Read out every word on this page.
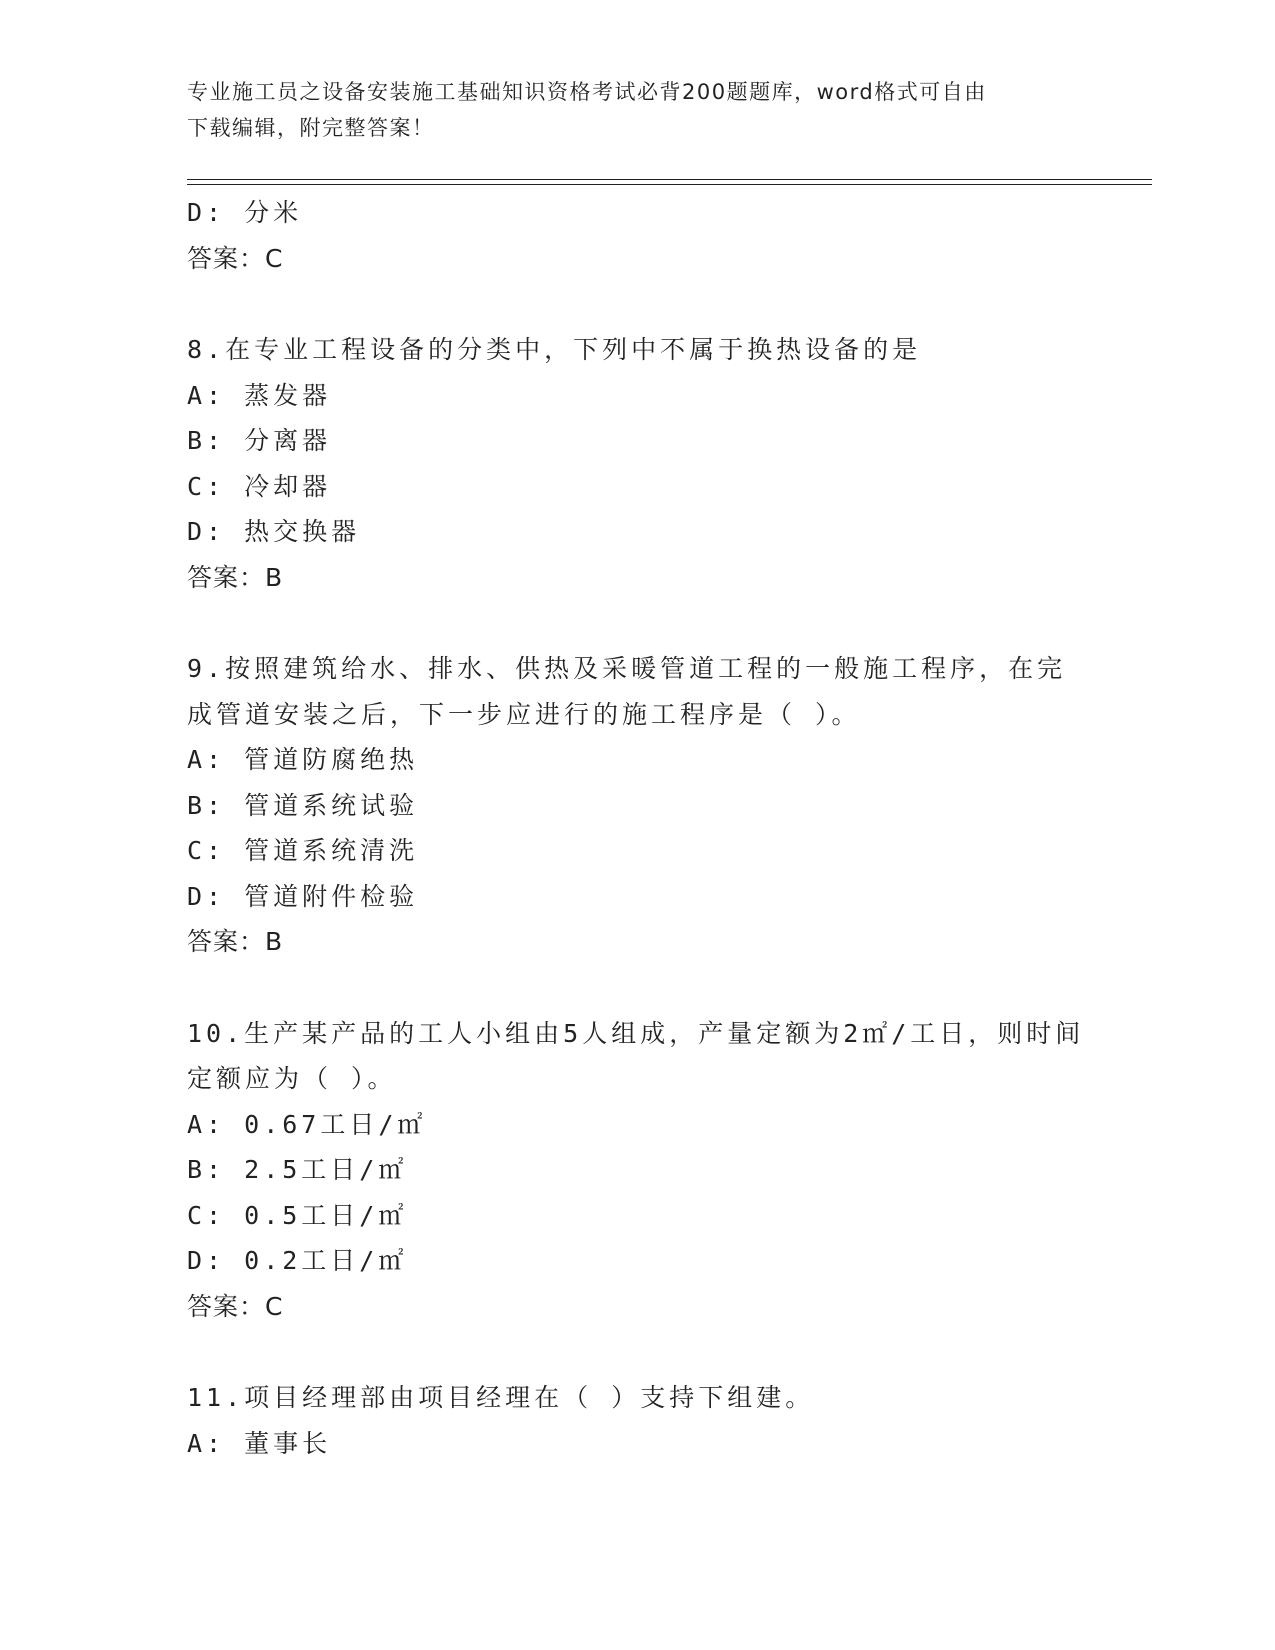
专业施工员之设备安装施工基础知识资格考试必背200题题库，word格式可自由
下载编辑，附完整答案！
D: 分米
答案：C
8.在专业工程设备的分类中，下列中不属于换热设备的是
A: 蒸发器
B: 分离器
C: 冷却器
D: 热交换器
答案：B
9.按照建筑给水、排水、供热及采暖管道工程的一般施工程序，在完
成管道安装之后，下一步应进行的施工程序是（ ）。
A: 管道防腐绝热
B: 管道系统试验
C: 管道系统清洗
D: 管道附件检验
答案：B
10.生产某产品的工人小组由5人组成，产量定额为2㎡/工日，则时间
定额应为（ ）。
A: 0.67工日/㎡
B: 2.5工日/㎡
C: 0.5工日/㎡
D: 0.2工日/㎡
答案：C
11.项目经理部由项目经理在（ ）支持下组建。
A: 董事长
